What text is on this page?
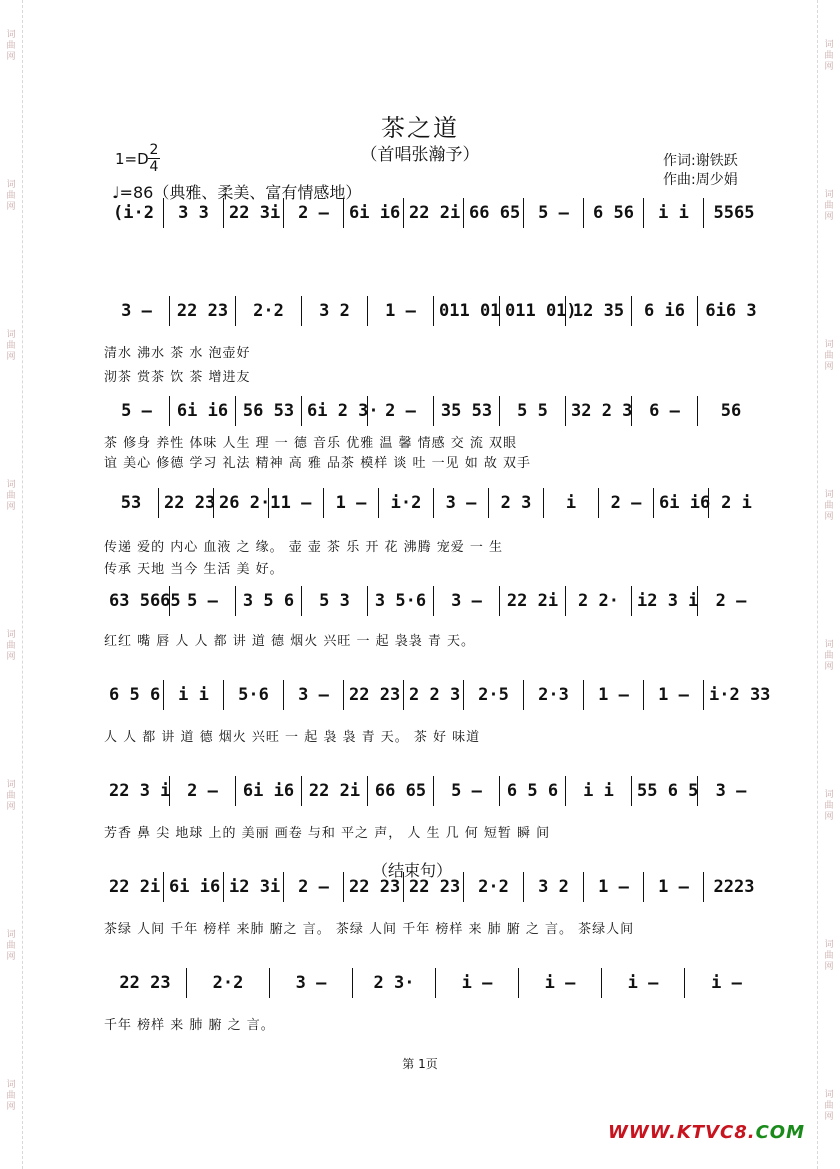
词曲网
词曲网
词曲网
词曲网
词曲网
词曲网
词曲网
词曲网
词曲网
词曲网
词曲网
词曲网
词曲网
词曲网
词曲网
词曲网
茶之道
（首唱张瀚予）
1=D 2
4
♩=86（典雅、柔美、富有情感地）
作词:谢铁跃
作曲:周少娟
(i·2 3 3 22 3i 2 – 6i i6 22 2i 66 65 5 – 6 56 i i 5565
3 – 22 23 2·2 3 2 1 – 011 01 011 01)12 35 6 i6 6i6 3
5 – 6i i6 56 53 6i 2 3· 2 – 35 53 5 5 32 2 3 6 – 56
53 22 23 26 2·11 – 1 – i·2 3 – 2 3 i 2 – 6i i6 2 i
63 5665 5 – 3 5 6 5 3 3 5·6 3 – 22 2i 2 2· i2 3 i 2 –
6 5 6 i i 5·6 3 – 22 23 2 2 3 2·5 2·3 1 – 1 – i·2 33
22 3 i 2 – 6i i6 22 2i 66 65 5 – 6 5 6 i i 55 6 5 3 –
22 2i 6i i6 i2 3i 2 – 22 23 22 23 2·2 3 2 1 – 1 – 2223
22 23 2·2	3 –	2 3·	i –	i –	i –	i –
清水 沸水 茶 水 泡壶好
沏茶 赏茶 饮 茶 增进友
茶 修身 养性 体味 人生 理 一 德 音乐 优雅 温 馨 情感 交 流 双眼
谊 美心 修德 学习 礼法 精神 高 雅 品茶 模样 谈 吐 一见 如 故 双手
传递 爱的 内心 血液 之 缘。 壶 壶 茶 乐 开 花 沸腾 宠爱 一 生
传承 天地 当今 生活 美 好。
红红 嘴 唇 人 人 都 讲 道 德 烟火 兴旺 一 起 袅袅 青 天。
人 人 都 讲 道 德 烟火 兴旺 一 起 袅 袅 青 天。 茶 好 味道
芳香 鼻 尖 地球 上的 美丽 画卷 与和 平之 声， 人 生 几 何 短暂 瞬 间
茶绿 人间 千年 榜样 来肺 腑之 言。 茶绿 人间 千年 榜样 来 肺 腑 之 言。 茶绿人间
千年 榜样 来 肺 腑 之 言。
（结束句）
第 1页
WWW.KTVC8.COM
